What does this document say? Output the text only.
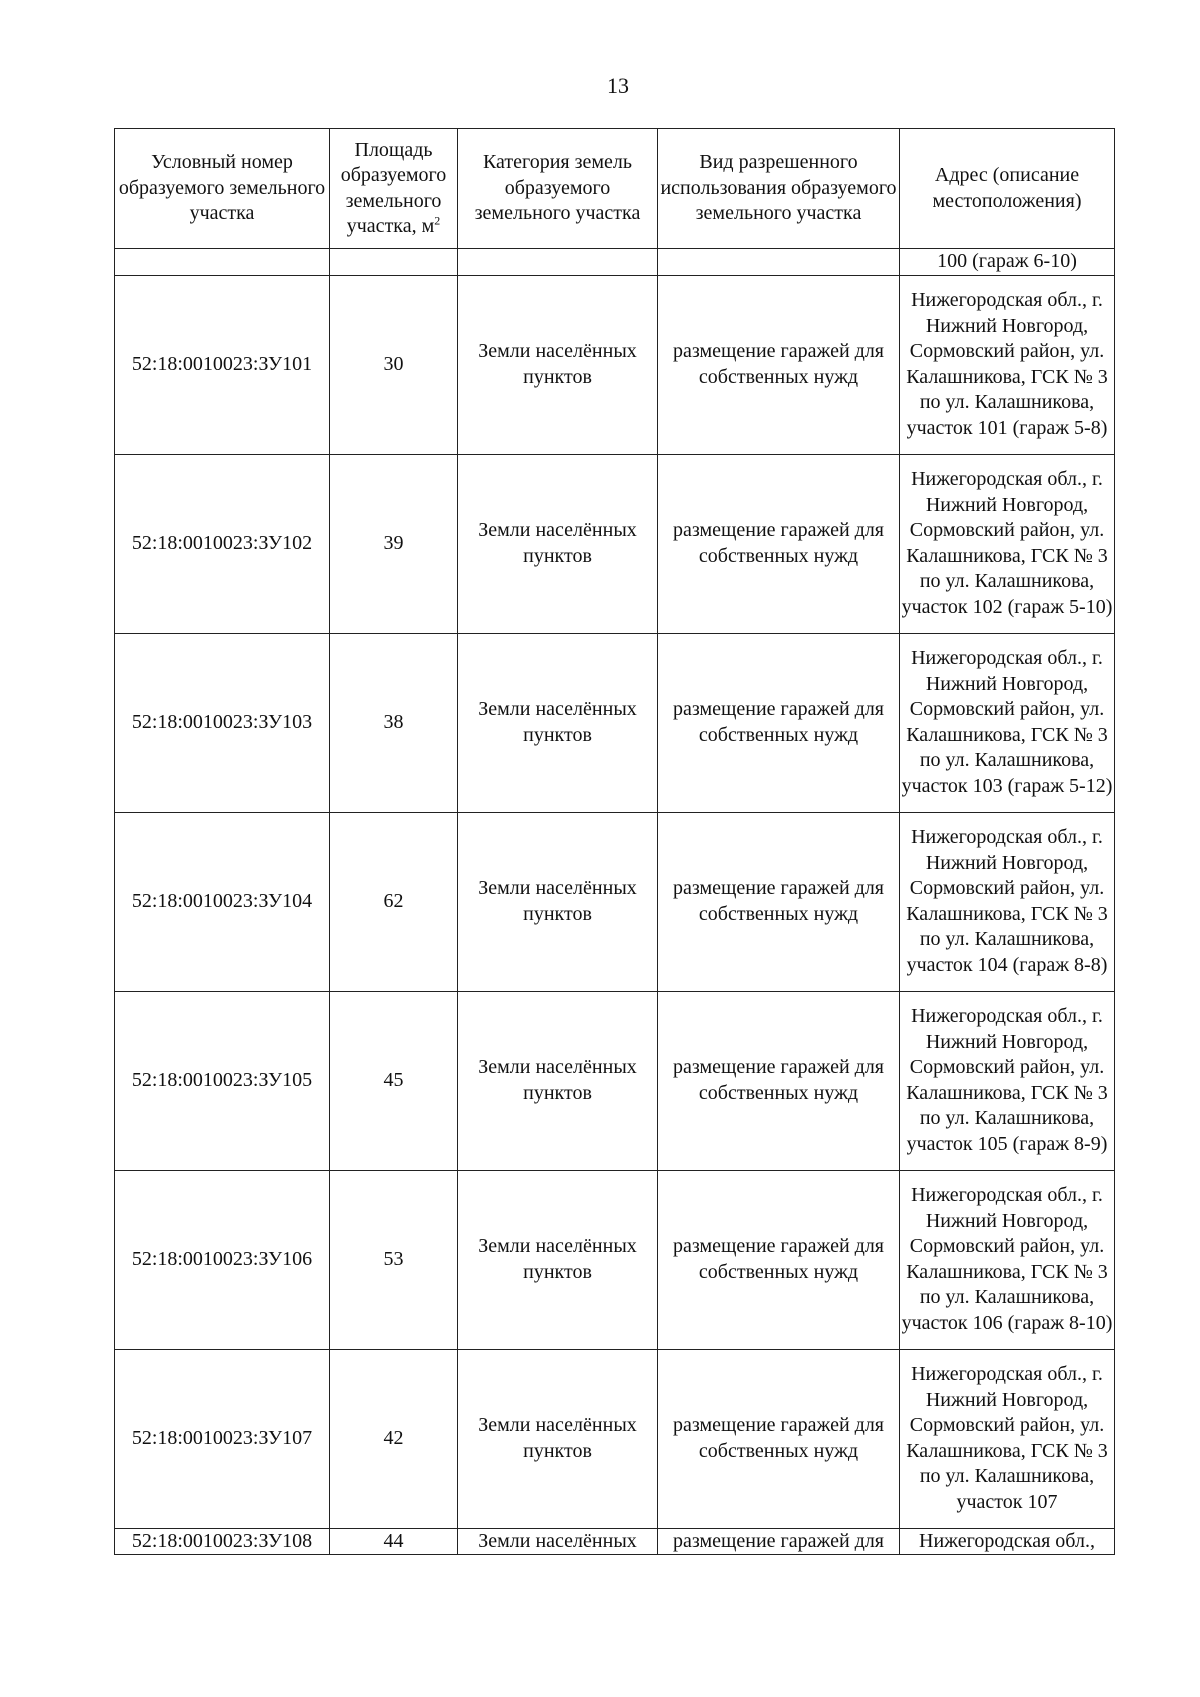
13
Условный номер образуемого земельного участка	Площадь образуемого земельного участка, $м^2$	Категория земель образуемого земельного участка	Вид разрешенного использования образуемого земельного участка	Адрес (описание местоположения)
				100 (гараж 6-10)
52:18:0010023:ЗУ101	30	Земли населённых пунктов	размещение гаражей для собственных нужд	Нижегородская обл., г. Нижний Новгород, Сормовский район, ул. Калашникова, ГСК № 3 по ул. Калашникова, участок 101 (гараж 5-8)
52:18:0010023:ЗУ102	39	Земли населённых пунктов	размещение гаражей для собственных нужд	Нижегородская обл., г. Нижний Новгород, Сормовский район, ул. Калашникова, ГСК № 3 по ул. Калашникова, участок 102 (гараж 5-10)
52:18:0010023:ЗУ103	38	Земли населённых пунктов	размещение гаражей для собственных нужд	Нижегородская обл., г. Нижний Новгород, Сормовский район, ул. Калашникова, ГСК № 3 по ул. Калашникова, участок 103 (гараж 5-12)
52:18:0010023:ЗУ104	62	Земли населённых пунктов	размещение гаражей для собственных нужд	Нижегородская обл., г. Нижний Новгород, Сормовский район, ул. Калашникова, ГСК № 3 по ул. Калашникова, участок 104 (гараж 8-8)
52:18:0010023:ЗУ105	45	Земли населённых пунктов	размещение гаражей для собственных нужд	Нижегородская обл., г. Нижний Новгород, Сормовский район, ул. Калашникова, ГСК № 3 по ул. Калашникова, участок 105 (гараж 8-9)
52:18:0010023:ЗУ106	53	Земли населённых пунктов	размещение гаражей для собственных нужд	Нижегородская обл., г. Нижний Новгород, Сормовский район, ул. Калашникова, ГСК № 3 по ул. Калашникова, участок 106 (гараж 8-10)
52:18:0010023:ЗУ107	42	Земли населённых пунктов	размещение гаражей для собственных нужд	Нижегородская обл., г. Нижний Новгород, Сормовский район, ул. Калашникова, ГСК № 3 по ул. Калашникова, участок 107
52:18:0010023:ЗУ108	44	Земли населённых	размещение гаражей для	Нижегородская обл.,
